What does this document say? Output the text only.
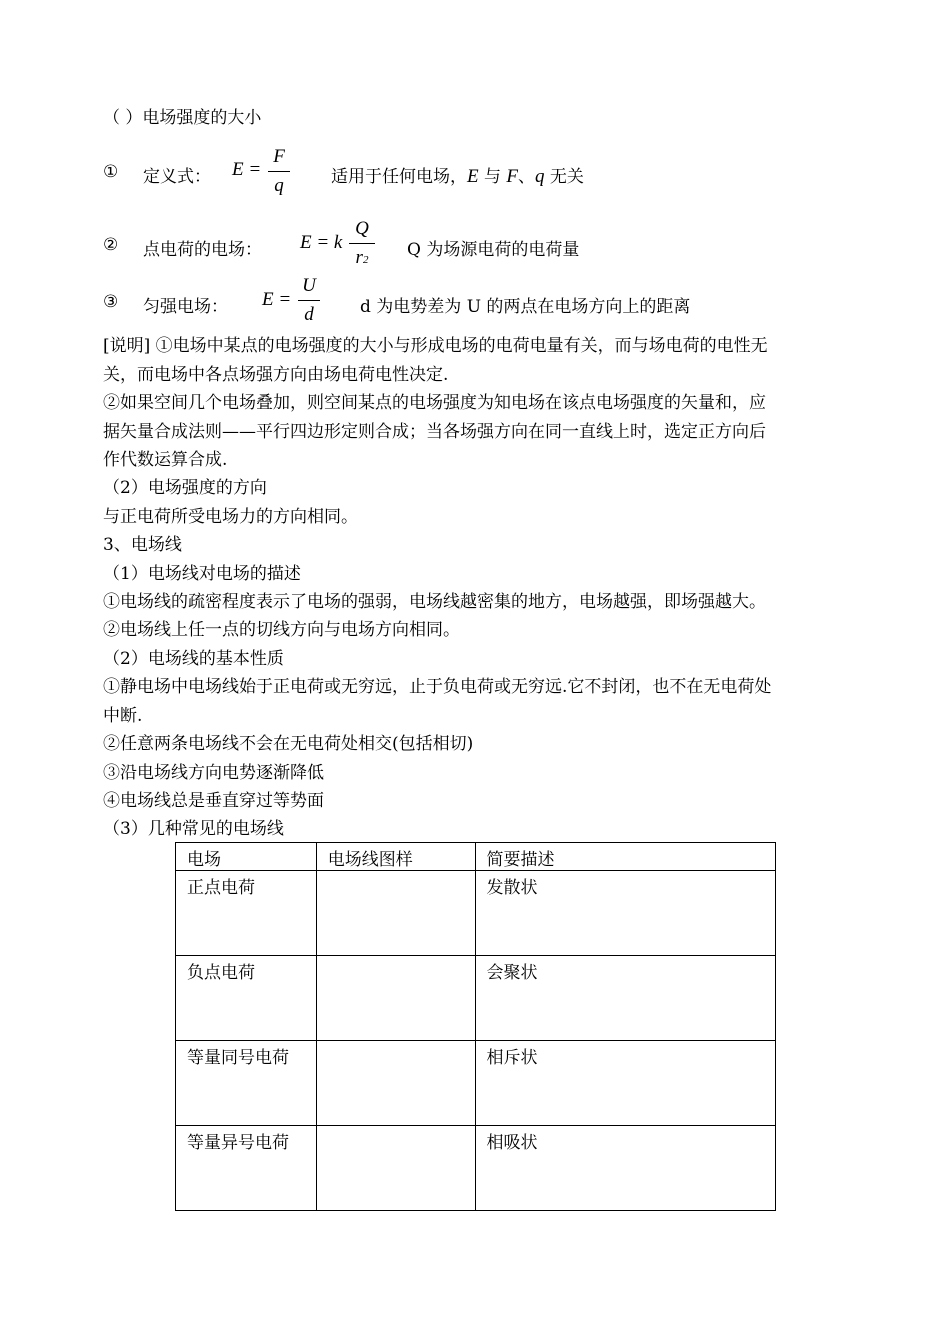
（ ）电场强度的大小
① 定义式： E =
F
q	适用于任何电场，E 与 F、q 无关
② 点电荷的电场： E = k
Q
r2 Q 为场源电荷的电荷量
③ 匀强电场： E =
U
d	d 为电势差为 U 的两点在电场方向上的距离
[说明] ①电场中某点的电场强度的大小与形成电场的电荷电量有关，而与场电荷的电性无
关，而电场中各点场强方向由场电荷电性决定.
②如果空间几个电场叠加，则空间某点的电场强度为知电场在该点电场强度的矢量和，应
据矢量合成法则——平行四边形定则合成；当各场强方向在同一直线上时，选定正方向后
作代数运算合成.
（2）电场强度的方向
与正电荷所受电场力的方向相同。
3、电场线
（1）电场线对电场的描述
①电场线的疏密程度表示了电场的强弱，电场线越密集的地方，电场越强，即场强越大。
②电场线上任一点的切线方向与电场方向相同。
（2）电场线的基本性质
①静电场中电场线始于正电荷或无穷远，止于负电荷或无穷远.它不封闭，也不在无电荷处
中断.
②任意两条电场线不会在无电荷处相交(包括相切)
③沿电场线方向电势逐渐降低
④电场线总是垂直穿过等势面
（3）几种常见的电场线
电场	电场线图样	简要描述
正点电荷		发散状
负点电荷		会聚状
等量同号电荷		相斥状
等量异号电荷		相吸状
